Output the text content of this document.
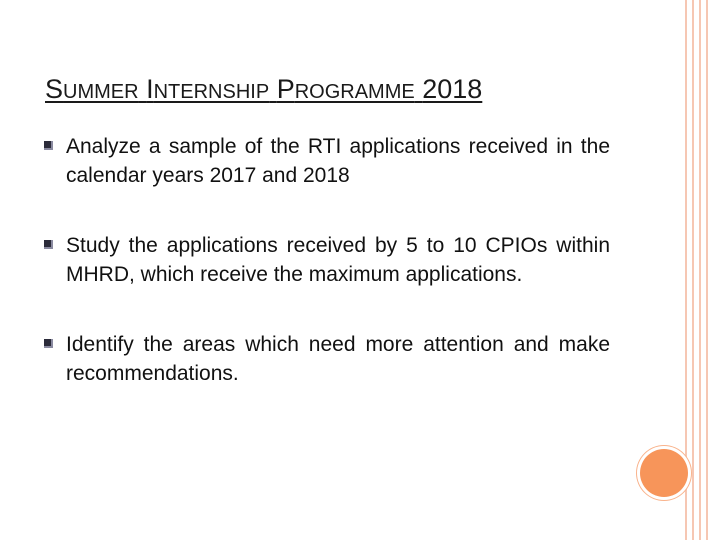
SUMMER INTERNSHIP PROGRAMME 2018
Analyze a sample of the RTI applications received in the calendar years 2017 and 2018
Study the applications received by 5 to 10 CPIOs within MHRD, which receive the maximum applications.
Identify the areas which need more attention and make recommendations.
